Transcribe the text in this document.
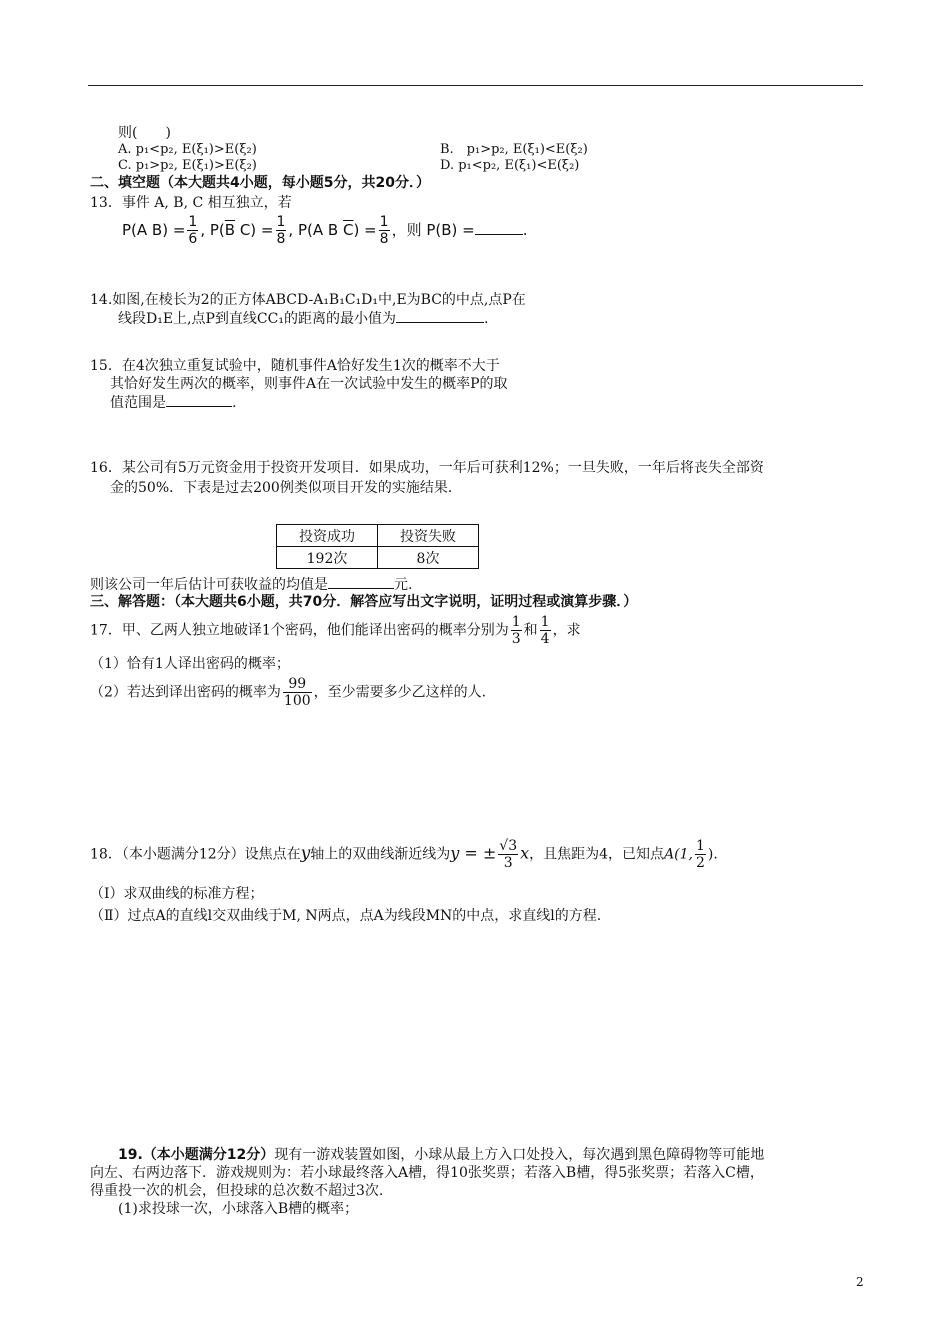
则(　　)
A. p₁<p₂, E(ξ₁)>E(ξ₂)	B.　p₁>p₂, E(ξ₁)<E(ξ₂)
C. p₁>p₂, E(ξ₁)>E(ξ₂)	D. p₁<p₂, E(ξ₁)<E(ξ₂)
二、填空题（本大题共4小题，每小题5分，共20分．）
13．事件 A, B, C 相互独立，若
P(A $B) = \frac{1}{6}$ , $P(\overline{B}$ $C) = \frac{1}{8}$ , P(A B $\overline{C}) = \frac{1}{8}$ ，则 P(B) =	.
14.如图,在棱长为2的正方体ABCD-A₁B₁C₁D₁中,E为BC的中点,点P在
线段D₁E上,点P到直线CC₁的距离的最小值为	.
15．在4次独立重复试验中，随机事件A恰好发生1次的概率不大于
其恰好发生两次的概率，则事件A在一次试验中发生的概率P的取
值范围是	.
16．某公司有5万元资金用于投资开发项目．如果成功，一年后可获利12%；一旦失败，一年后将丧失全部资
金的50%．下表是过去200例类似项目开发的实施结果．
投资成功	投资失败
192次	8次
则该公司一年后估计可获收益的均值是	元.
三、解答题：（本大题共6小题，共70分．解答应写出文字说明，证明过程或演算步骤．）
17．甲、乙两人独立地破译1个密码，他们能译出密码的概率分别为 $\frac{1}{3}$ 和 $\frac{1}{4}$ ，求
（1）恰有1人译出密码的概率；
（2）若达到译出密码的概率为 $\frac{99}{100}$ ，至少需要多少乙这样的人.
18．（本小题满分12分）设焦点在y轴上的双曲线渐近线为y = ± $\frac{√3}{3}$ x，且焦距为4，已知点A(1, $\frac{1}{2}$ ).
（Ⅰ）求双曲线的标准方程；
（Ⅱ）过点A的直线l交双曲线于M, N两点，点A为线段MN的中点，求直线l的方程.
19.（本小题满分12分）现有一游戏装置如图，小球从最上方入口处投入，每次遇到黑色障碍物等可能地
向左、右两边落下．游戏规则为：若小球最终落入A槽，得10张奖票；若落入B槽，得5张奖票；若落入C槽，
得重投一次的机会，但投球的总次数不超过3次.
(1)求投球一次，小球落入B槽的概率；
2
